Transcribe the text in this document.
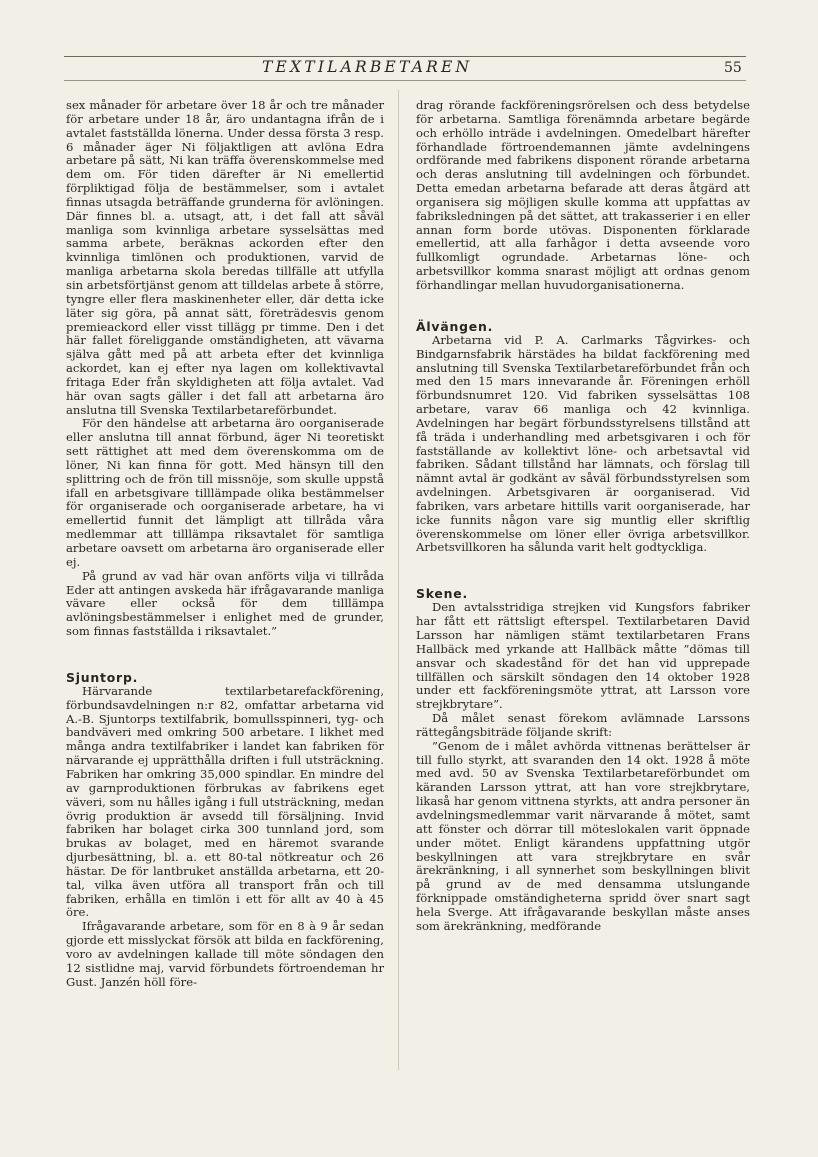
TEXTILARBETAREN	55

sex månader för arbetare över 18 år och tre månader för arbetare under 18 år, äro undantagna ifrån de i avtalet fastställda lönerna. Under dessa första 3 resp. 6 månader äger Ni följaktligen att avlöna Edra arbetare på sätt, Ni kan träffa överenskommelse med dem om. För tiden därefter är Ni emellertid förpliktigad följa de bestämmelser, som i avtalet finnas utsagda beträffande grunderna för avlöningen. Där finnes bl. a. utsagt, att, i det fall att såväl manliga som kvinnliga arbetare sysselsättas med samma arbete, beräknas ackorden efter den kvinnliga timlönen och produktionen, varvid de manliga arbetarna skola beredas tillfälle att utfylla sin arbetsförtjänst genom att tilldelas arbete å större, tyngre eller flera maskinenheter eller, där detta icke läter sig göra, på annat sätt, företrädesvis genom premieackord eller visst tillägg pr timme. Den i det här fallet föreliggande omständigheten, att vävarna själva gått med på att arbeta efter det kvinnliga ackordet, kan ej efter nya lagen om kollektivavtal fritaga Eder från skyldigheten att följa avtalet. Vad här ovan sagts gäller i det fall att arbetarna äro anslutna till Svenska Textilarbetareförbundet.

För den händelse att arbetarna äro oorganiserade eller anslutna till annat förbund, äger Ni teoretiskt sett rättighet att med dem överenskomma om de löner, Ni kan finna för gott. Med hänsyn till den splittring och de frön till missnöje, som skulle uppstå ifall en arbetsgivare tilllämpade olika bestämmelser för organiserade och oorganiserade arbetare, ha vi emellertid funnit det lämpligt att tillråda våra medlemmar att tilllämpa riksavtalet för samtliga arbetare oavsett om arbetarna äro organiserade eller ej.

På grund av vad här ovan anförts vilja vi tillråda Eder att antingen avskeda här ifrågavarande manliga vävare eller också för dem tilllämpa avlöningsbestämmelser i enlighet med de grunder, som finnas fastställda i riksavtalet.”

Sjuntorp.

Härvarande textilarbetarefackförening, förbundsavdelningen n:r 82, omfattar arbetarna vid A.-B. Sjuntorps textilfabrik, bomullsspinneri, tyg- och bandväveri med omkring 500 arbetare. I likhet med många andra textilfabriker i landet kan fabriken för närvarande ej upprätthålla driften i full utsträckning. Fabriken har omkring 35,000 spindlar. En mindre del av garnproduktionen förbrukas av fabrikens eget väveri, som nu hålles igång i full utsträckning, medan övrig produktion är avsedd till försäljning. Invid fabriken har bolaget cirka 300 tunnland jord, som brukas av bolaget, med en häremot svarande djurbesättning, bl. a. ett 80-tal nötkreatur och 26 hästar. De för lantbruket anställda arbetarna, ett 20-tal, vilka även utföra all transport från och till fabriken, erhålla en timlön i ett för allt av 40 à 45 öre.

Ifrågavarande arbetare, som för en 8 à 9 år sedan gjorde ett misslyckat försök att bilda en fackförening, voro av avdelningen kallade till möte söndagen den 12 sistlidne maj, varvid förbundets förtroendeman hr Gust. Janzén höll före-

drag rörande fackföreningsrörelsen och dess betydelse för arbetarna. Samtliga förenämnda arbetare begärde och erhöllo inträde i avdelningen. Omedelbart härefter förhandlade förtroendemannen jämte avdelningens ordförande med fabrikens disponent rörande arbetarna och deras anslutning till avdelningen och förbundet. Detta emedan arbetarna befarade att deras åtgärd att organisera sig möjligen skulle komma att uppfattas av fabriksledningen på det sättet, att trakasserier i en eller annan form borde utövas. Disponenten förklarade emellertid, att alla farhågor i detta avseende voro fullkomligt ogrundade. Arbetarnas löne- och arbetsvillkor komma snarast möjligt att ordnas genom förhandlingar mellan huvudorganisationerna.

Älvängen.

Arbetarna vid P. A. Carlmarks Tågvirkes- och Bindgarnsfabrik härstädes ha bildat fackförening med anslutning till Svenska Textilarbetareförbundet från och med den 15 mars innevarande år. Föreningen erhöll förbundsnumret 120. Vid fabriken sysselsättas 108 arbetare, varav 66 manliga och 42 kvinnliga. Avdelningen har begärt förbundsstyrelsens tillstånd att få träda i underhandling med arbetsgivaren i och för fastställande av kollektivt löne- och arbetsavtal vid fabriken. Sådant tillstånd har lämnats, och förslag till nämnt avtal är godkänt av såväl förbundsstyrelsen som avdelningen. Arbetsgivaren är oorganiserad. Vid fabriken, vars arbetare hittills varit oorganiserade, har icke funnits någon vare sig muntlig eller skriftlig överenskommelse om löner eller övriga arbetsvillkor. Arbetsvillkoren ha sålunda varit helt godtyckliga.

Skene.

Den avtalsstridiga strejken vid Kungsfors fabriker har fått ett rättsligt efterspel. Textilarbetaren David Larsson har nämligen stämt textilarbetaren Frans Hallbäck med yrkande att Hallbäck måtte ”dömas till ansvar och skadestånd för det han vid upprepade tillfällen och särskilt söndagen den 14 oktober 1928 under ett fackföreningsmöte yttrat, att Larsson vore strejkbrytare”.

Då målet senast förekom avlämnade Larssons rättegångsbiträde följande skrift:

”Genom de i målet avhörda vittnenas berättelser är till fullo styrkt, att svaranden den 14 okt. 1928 å möte med avd. 50 av Svenska Textilarbetareförbundet om käranden Larsson yttrat, att han vore strejkbrytare, likaså har genom vittnena styrkts, att andra personer än avdelningsmedlemmar varit närvarande å mötet, samt att fönster och dörrar till möteslokalen varit öppnade under mötet. Enligt kärandens uppfattning utgör beskyllningen att vara strejkbrytare en svår ärekränkning, i all synnerhet som beskyllningen blivit på grund av de med densamma utslungande förknippade omständigheterna spridd över snart sagt hela Sverge. Att ifrågavarande beskyllan måste anses som ärekränkning, medförande
